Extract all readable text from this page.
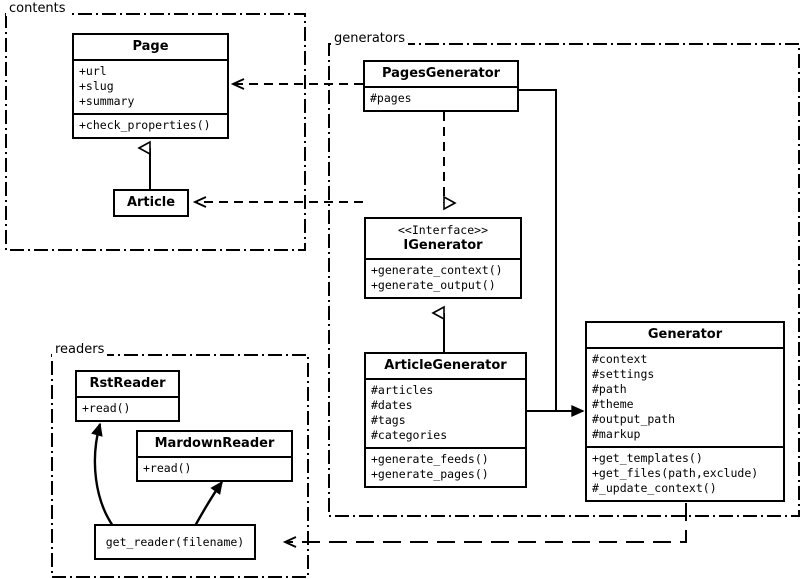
contents
generators
readers
Page
+url
+slug
+summary
+check_properties()
Article
PagesGenerator
#pages
<<Interface>>
IGenerator
+generate_context()
+generate_output()
ArticleGenerator
#articles
#dates
#tags
#categories
+generate_feeds()
+generate_pages()
Generator
#context
#settings
#path
#theme
#output_path
#markup
+get_templates()
+get_files(path,exclude)
#_update_context()
RstReader
+read()
MardownReader
+read()
get_reader(filename)
